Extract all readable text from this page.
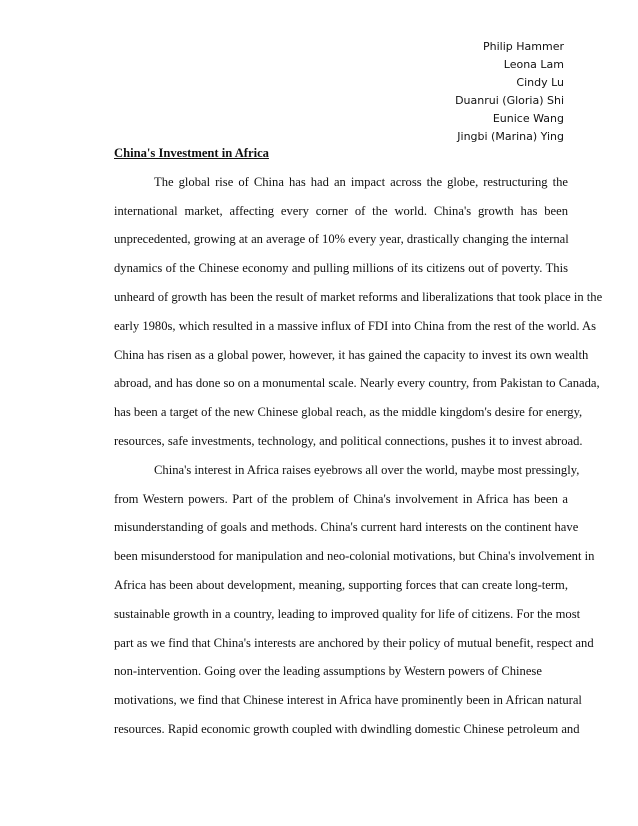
Philip Hammer
Leona Lam
Cindy Lu
Duanrui (Gloria) Shi
Eunice Wang
Jingbi (Marina) Ying
China's Investment in Africa
The global rise of China has had an impact across the globe, restructuring the
international market, affecting every corner of the world. China's growth has been
unprecedented, growing at an average of 10% every year, drastically changing the internal
dynamics of the Chinese economy and pulling millions of its citizens out of poverty. This
unheard of growth has been the result of market reforms and liberalizations that took place in the
early 1980s, which resulted in a massive influx of FDI into China from the rest of the world. As
China has risen as a global power, however, it has gained the capacity to invest its own wealth
abroad, and has done so on a monumental scale. Nearly every country, from Pakistan to Canada,
has been a target of the new Chinese global reach, as the middle kingdom's desire for energy,
resources, safe investments, technology, and political connections, pushes it to invest abroad.
China's interest in Africa raises eyebrows all over the world, maybe most pressingly,
from Western powers. Part of the problem of China's involvement in Africa has been a
misunderstanding of goals and methods. China's current hard interests on the continent have
been misunderstood for manipulation and neo-colonial motivations, but China's involvement in
Africa has been about development, meaning, supporting forces that can create long-term,
sustainable growth in a country, leading to improved quality for life of citizens. For the most
part as we find that China's interests are anchored by their policy of mutual benefit, respect and
non-intervention. Going over the leading assumptions by Western powers of Chinese
motivations, we find that Chinese interest in Africa have prominently been in African natural
resources. Rapid economic growth coupled with dwindling domestic Chinese petroleum and
